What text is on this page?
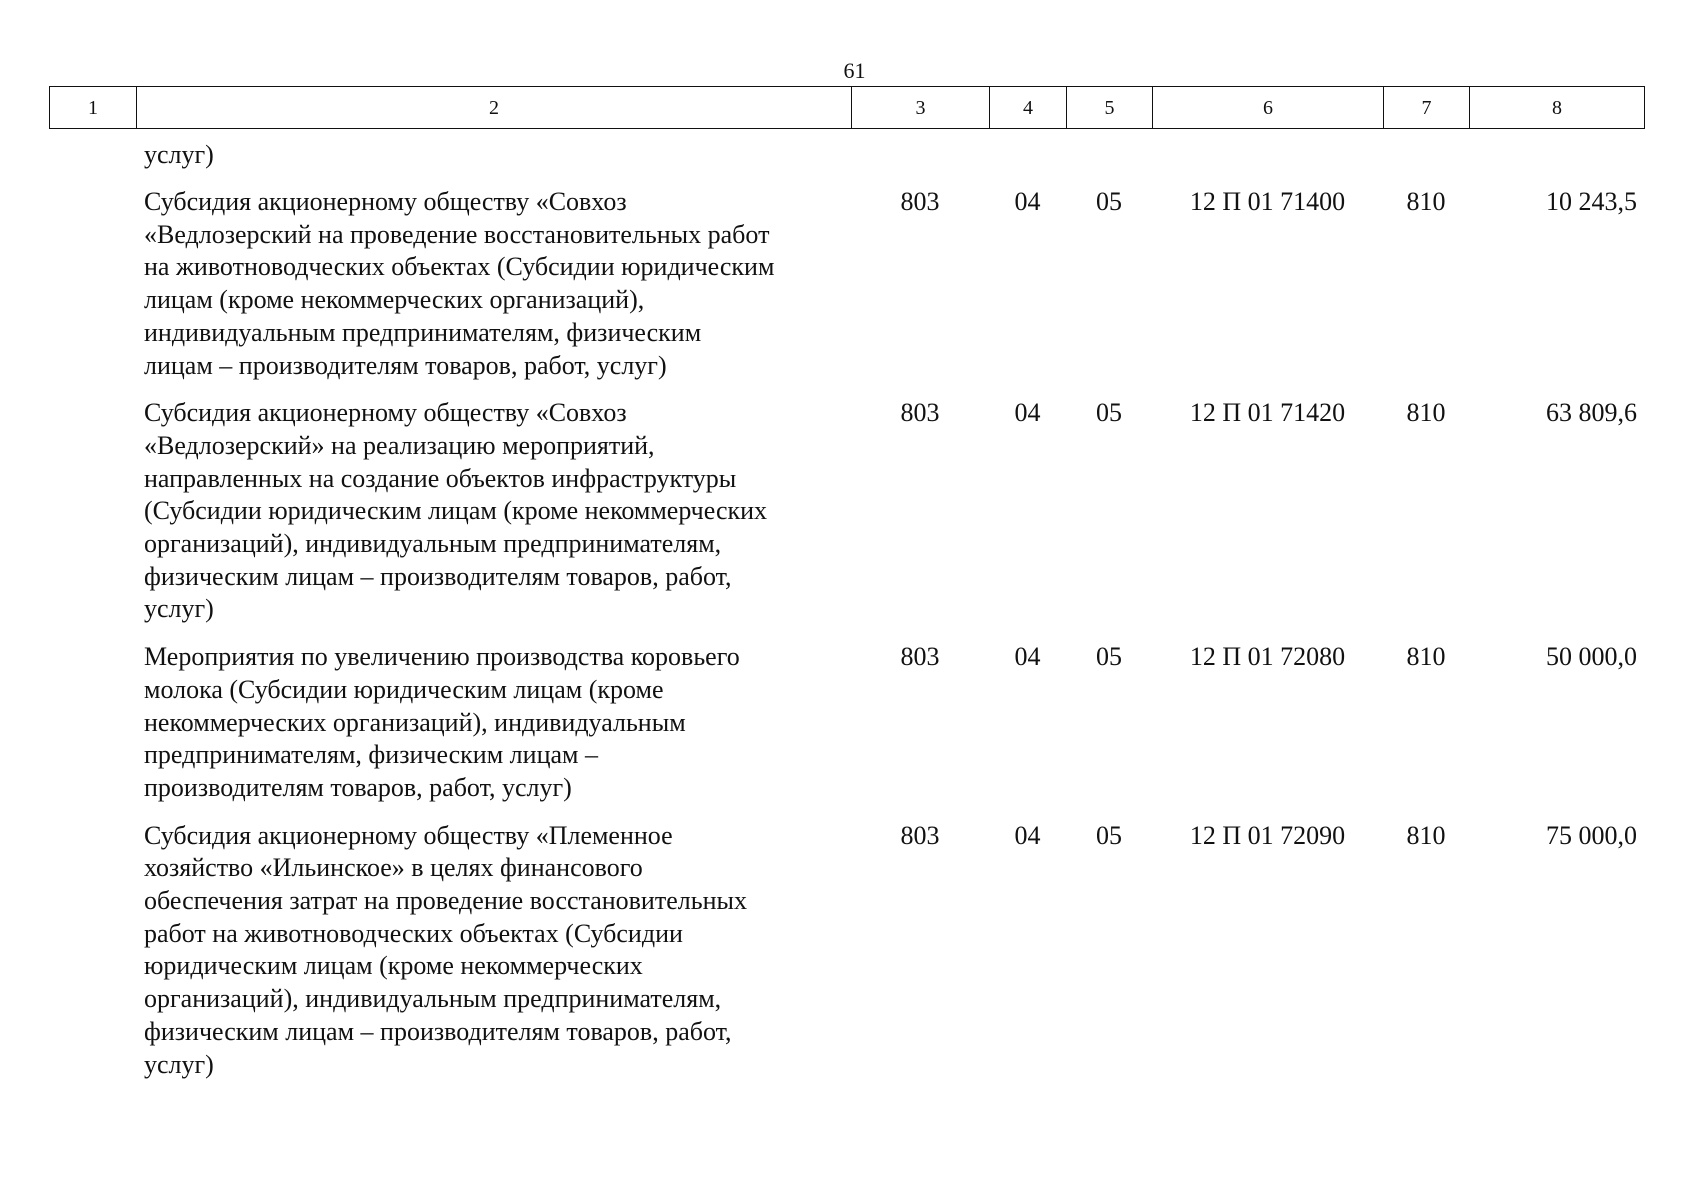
61
1	2	3	4	5	6	7	8
услуг)
Субсидия акционерному обществу «Совхоз
«Ведлозерский на проведение восстановительных работ
на животноводческих объектах (Субсидии юридическим
лицам (кроме некоммерческих организаций),
индивидуальным предпринимателям, физическим
лицам – производителям товаров, работ, услуг)
803	04	05	12 П 01 71400	810	10 243,5
Субсидия акционерному обществу «Совхоз
«Ведлозерский» на реализацию мероприятий,
направленных на создание объектов инфраструктуры
(Субсидии юридическим лицам (кроме некоммерческих
организаций), индивидуальным предпринимателям,
физическим лицам – производителям товаров, работ,
услуг)
803	04	05	12 П 01 71420	810	63 809,6
Мероприятия по увеличению производства коровьего
молока (Субсидии юридическим лицам (кроме
некоммерческих организаций), индивидуальным
предпринимателям, физическим лицам –
производителям товаров, работ, услуг)
803	04	05	12 П 01 72080	810	50 000,0
Субсидия акционерному обществу «Племенное
хозяйство «Ильинское» в целях финансового
обеспечения затрат на проведение восстановительных
работ на животноводческих объектах (Субсидии
юридическим лицам (кроме некоммерческих
организаций), индивидуальным предпринимателям,
физическим лицам – производителям товаров, работ,
услуг)
803	04	05	12 П 01 72090	810	75 000,0
